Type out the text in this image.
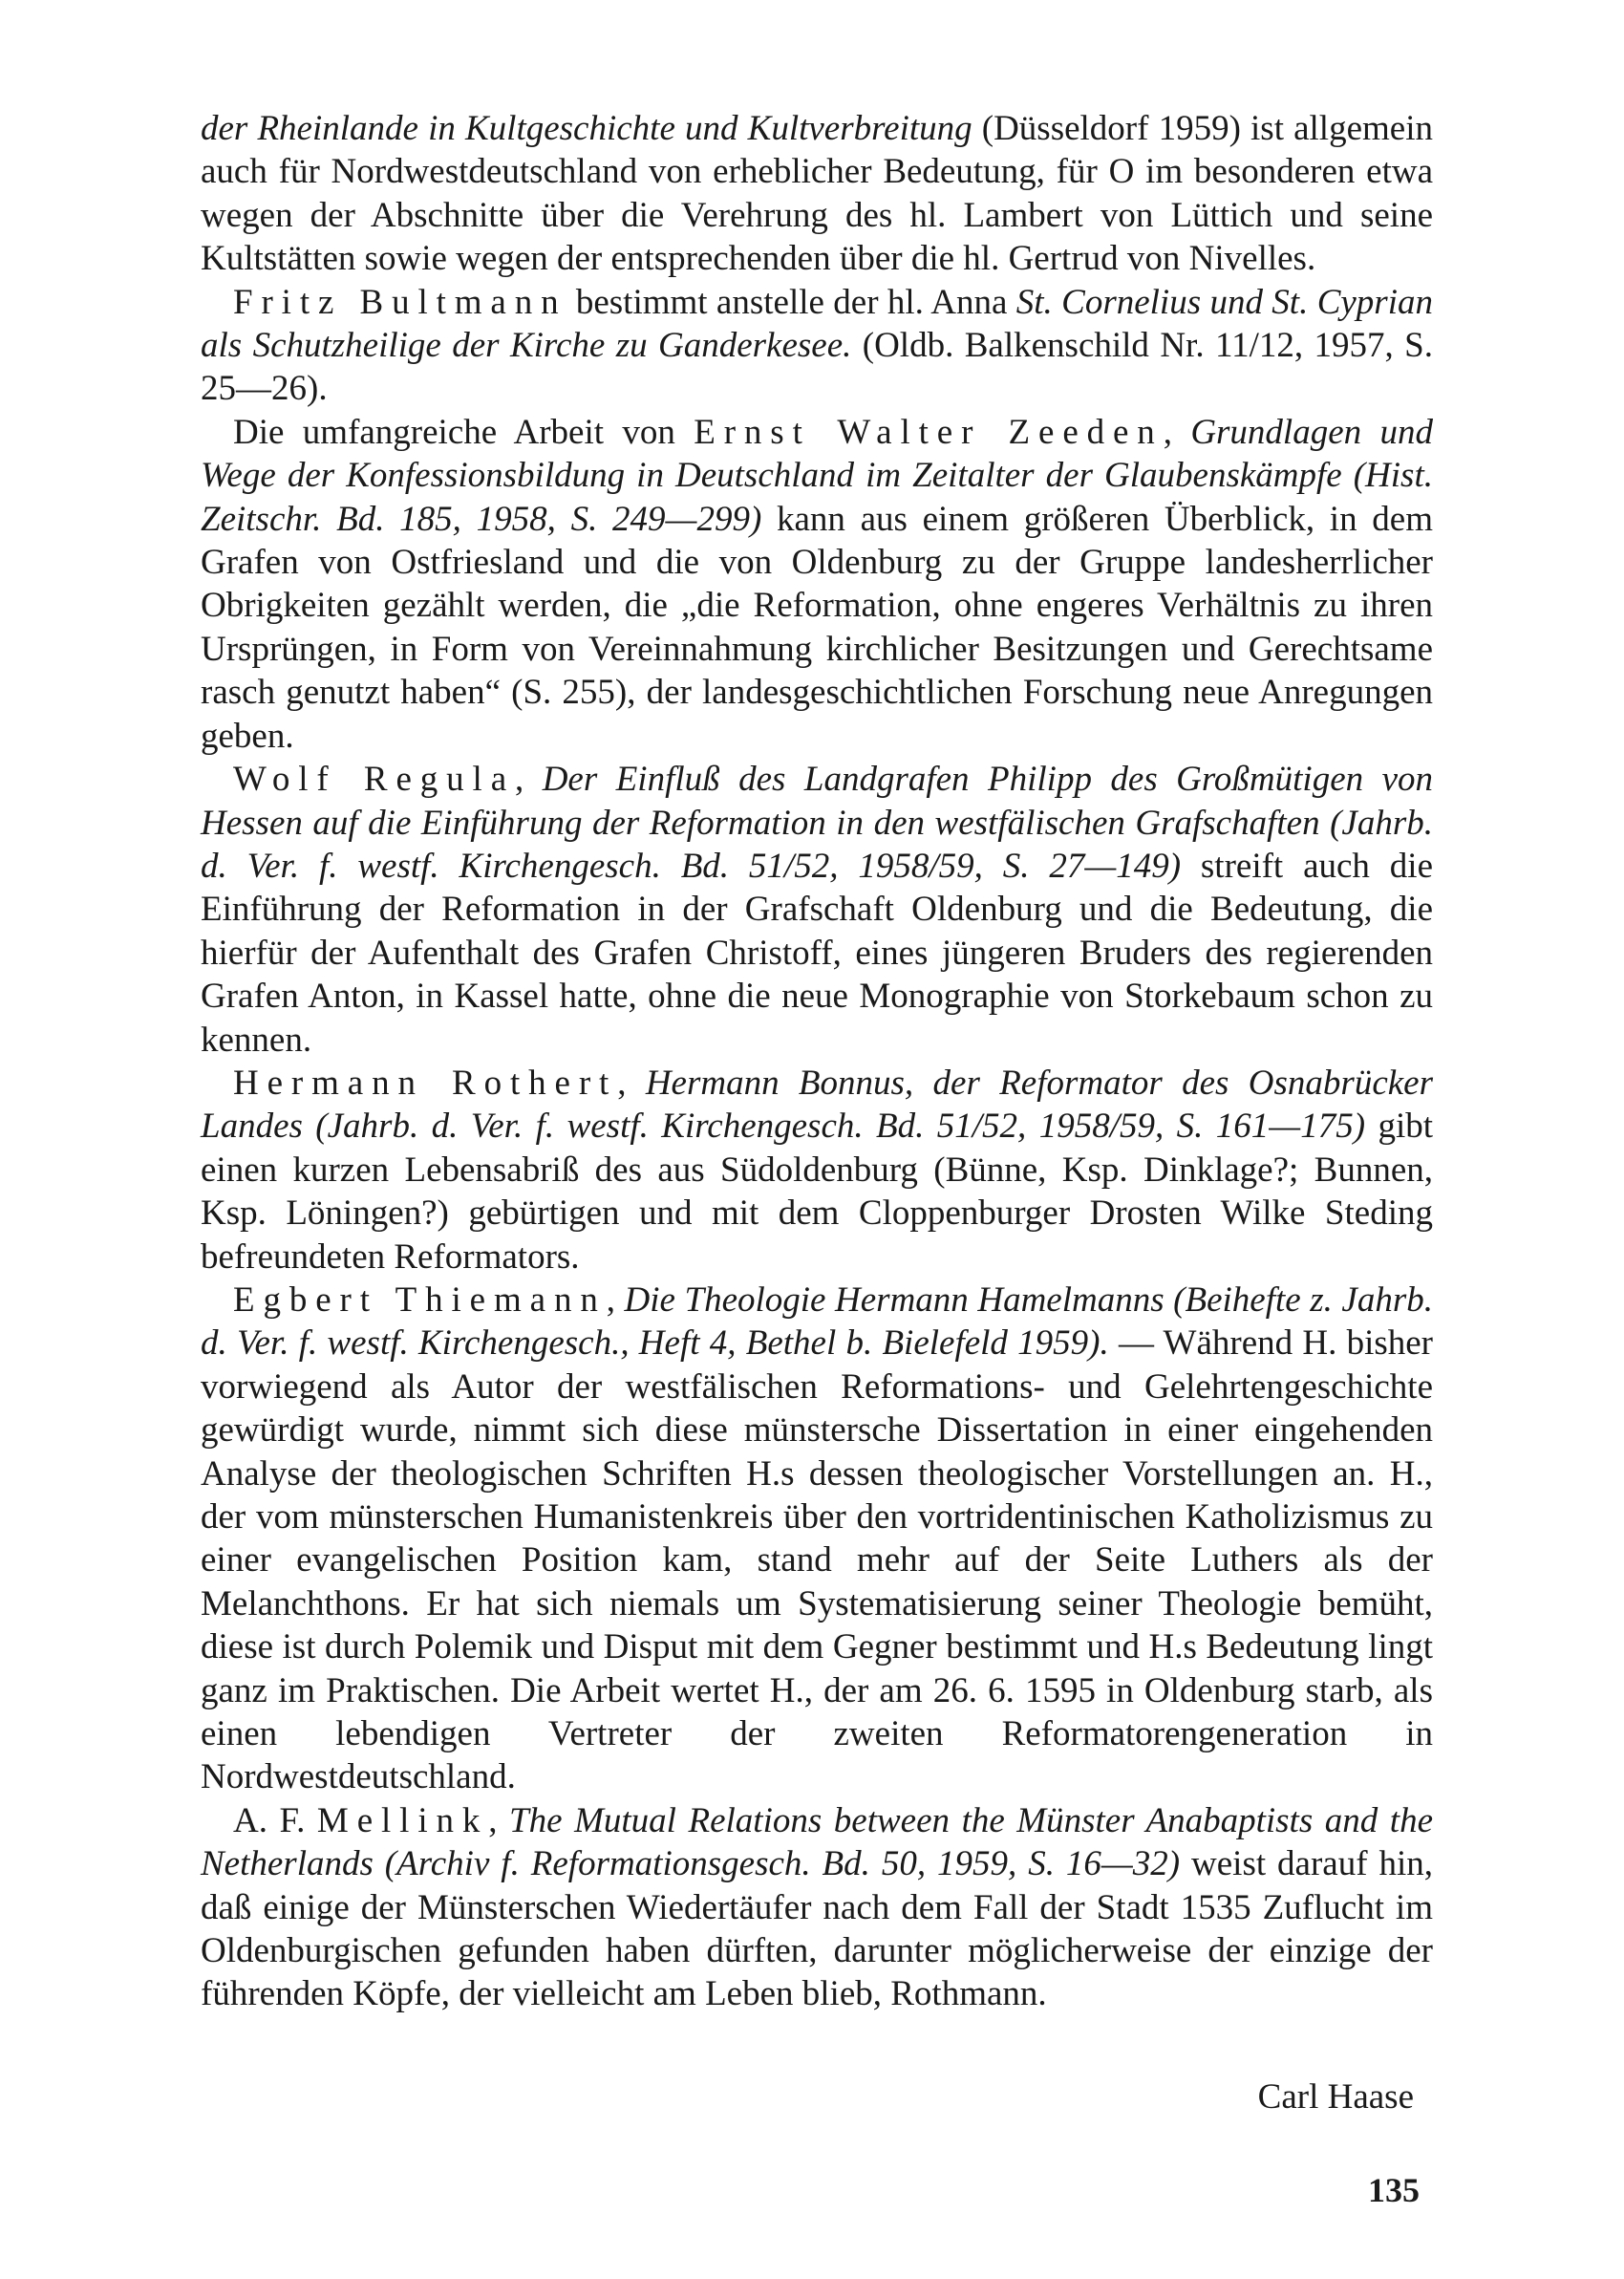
der Rheinlande in Kultgeschichte und Kultverbreitung (Düsseldorf 1959) ist allgemein auch für Nordwestdeutschland von erheblicher Bedeutung, für O im besonderen etwa wegen der Abschnitte über die Verehrung des hl. Lambert von Lüttich und seine Kultstätten sowie wegen der entsprechenden über die hl. Gertrud von Nivelles.

Fritz Bultmann bestimmt anstelle der hl. Anna St. Cornelius und St. Cyprian als Schutzheilige der Kirche zu Ganderkesee. (Oldb. Balkenschild Nr. 11/12, 1957, S. 25—26).

Die umfangreiche Arbeit von Ernst Walter Zeeden, Grundlagen und Wege der Konfessionsbildung in Deutschland im Zeitalter der Glaubenskämpfe (Hist. Zeitschr. Bd. 185, 1958, S. 249—299) kann aus einem größeren Überblick, in dem Grafen von Ostfriesland und die von Oldenburg zu der Gruppe landesherrlicher Obrigkeiten gezählt werden, die „die Reformation, ohne engeres Verhältnis zu ihren Ursprüngen, in Form von Vereinnahmung kirchlicher Besitzungen und Gerechtsame rasch genutzt haben“ (S. 255), der landesgeschichtlichen Forschung neue Anregungen geben.

Wolf Regula, Der Einfluß des Landgrafen Philipp des Großmütigen von Hessen auf die Einführung der Reformation in den westfälischen Grafschaften (Jahrb. d. Ver. f. westf. Kirchengesch. Bd. 51/52, 1958/59, S. 27—149) streift auch die Einführung der Reformation in der Grafschaft Oldenburg und die Bedeutung, die hierfür der Aufenthalt des Grafen Christoff, eines jüngeren Bruders des regierenden Grafen Anton, in Kassel hatte, ohne die neue Monographie von Storkebaum schon zu kennen.

Hermann Rothert, Hermann Bonnus, der Reformator des Osnabrücker Landes (Jahrb. d. Ver. f. westf. Kirchengesch. Bd. 51/52, 1958/59, S. 161—175) gibt einen kurzen Lebensabriß des aus Südoldenburg (Bünne, Ksp. Dinklage?; Bunnen, Ksp. Löningen?) gebürtigen und mit dem Cloppenburger Drosten Wilke Steding befreundeten Reformators.

Egbert Thiemann, Die Theologie Hermann Hamelmanns (Beihefte z. Jahrb. d. Ver. f. westf. Kirchengesch., Heft 4, Bethel b. Bielefeld 1959). — Während H. bisher vorwiegend als Autor der westfälischen Reformations- und Gelehrtengeschichte gewürdigt wurde, nimmt sich diese münstersche Dissertation in einer eingehenden Analyse der theologischen Schriften H.s dessen theologischer Vorstellungen an. H., der vom münsterschen Humanistenkreis über den vortridentinischen Katholizismus zu einer evangelischen Position kam, stand mehr auf der Seite Luthers als der Melanchthons. Er hat sich niemals um Systematisierung seiner Theologie bemüht, diese ist durch Polemik und Disput mit dem Gegner bestimmt und H.s Bedeutung lingt ganz im Praktischen. Die Arbeit wertet H., der am 26. 6. 1595 in Oldenburg starb, als einen lebendigen Vertreter der zweiten Reformatorengeneration in Nordwestdeutschland.

A. F. Mellink, The Mutual Relations between the Münster Anabaptists and the Netherlands (Archiv f. Reformationsgesch. Bd. 50, 1959, S. 16—32) weist darauf hin, daß einige der Münsterschen Wiedertäufer nach dem Fall der Stadt 1535 Zuflucht im Oldenburgischen gefunden haben dürften, darunter möglicherweise der einzige der führenden Köpfe, der vielleicht am Leben blieb, Rothmann.

Carl Haase
135
